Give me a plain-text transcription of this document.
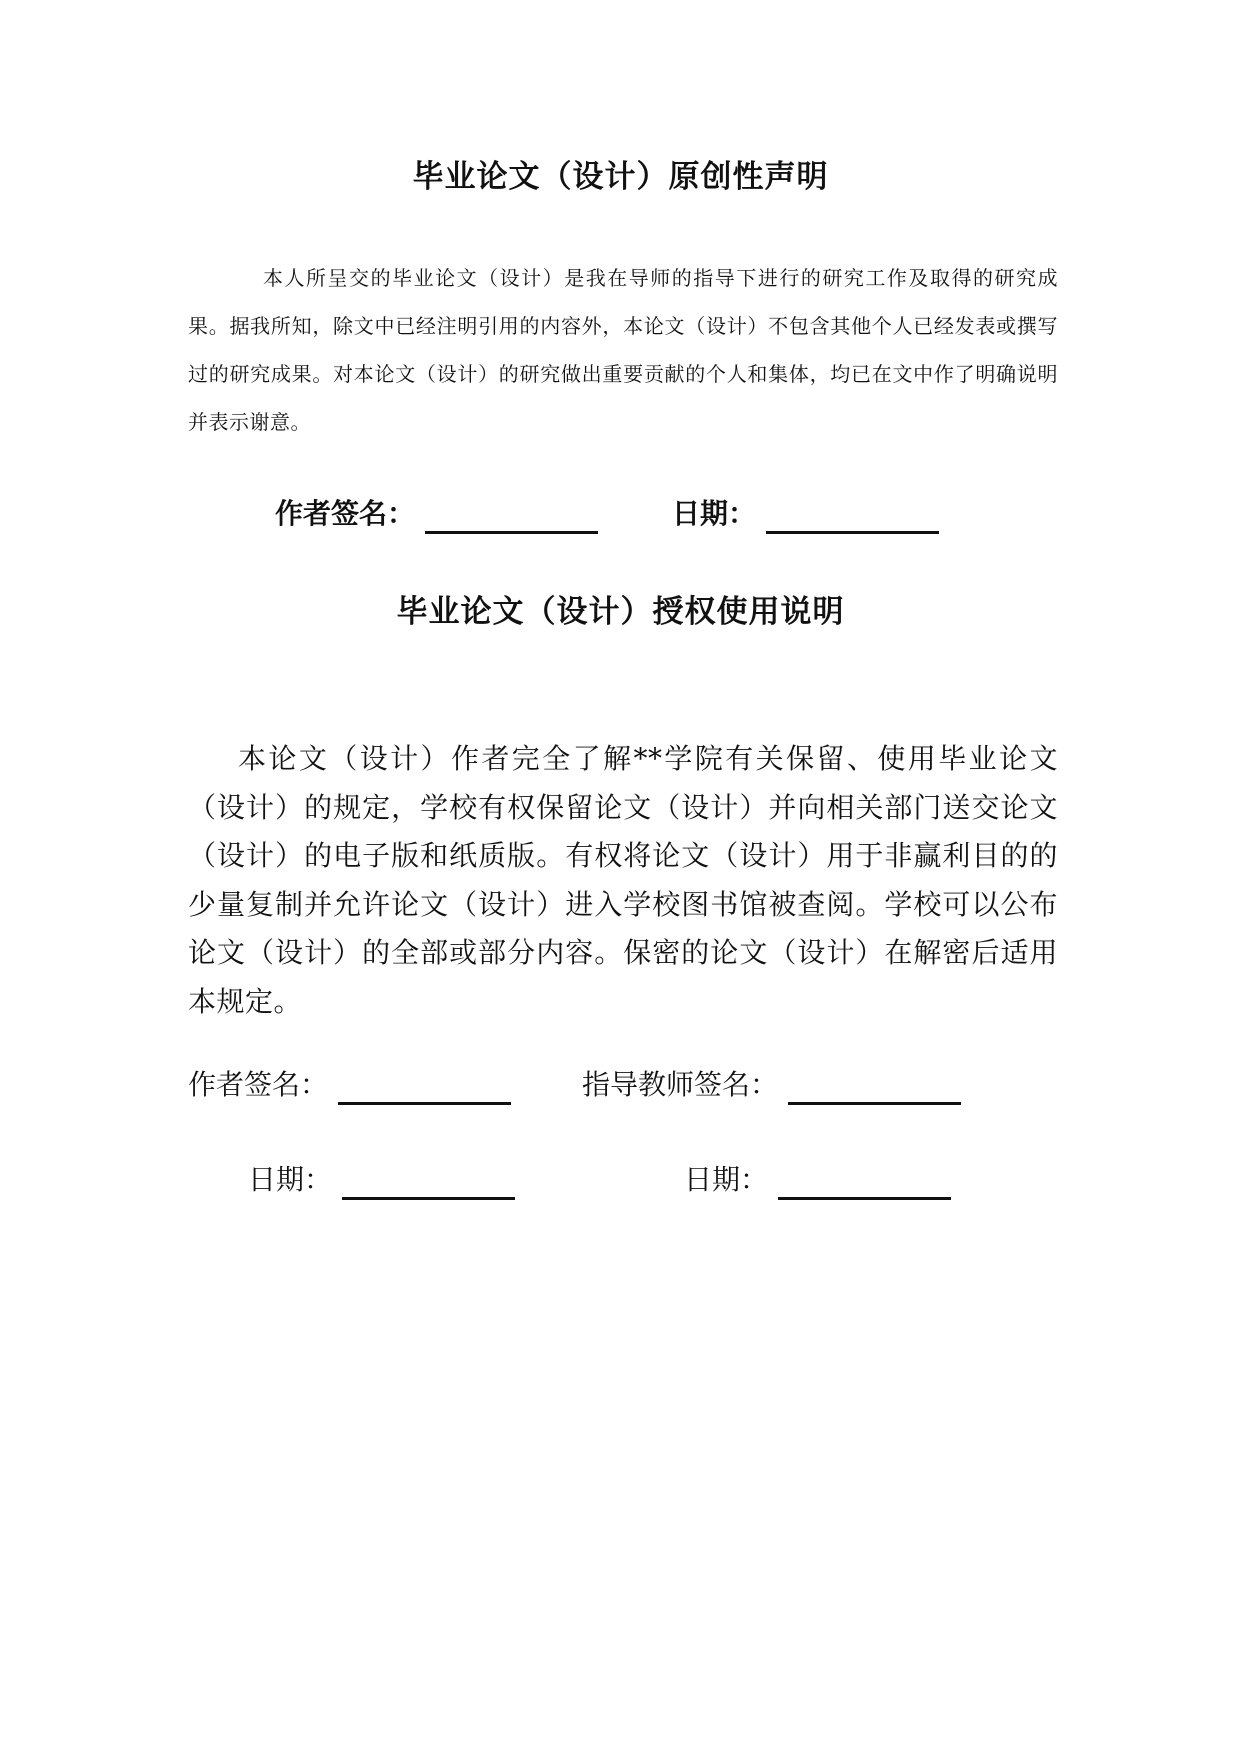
毕业论文（设计）原创性声明
本人所呈交的毕业论文（设计）是我在导师的指导下进行的研究工作及取得的研究成果。据我所知，除文中已经注明引用的内容外，本论文（设计）不包含其他个人已经发表或撰写过的研究成果。对本论文（设计）的研究做出重要贡献的个人和集体，均已在文中作了明确说明并表示谢意。
作者签名：	日期：
毕业论文（设计）授权使用说明
本论文（设计）作者完全了解**学院有关保留、使用毕业论文（设计）的规定，学校有权保留论文（设计）并向相关部门送交论文（设计）的电子版和纸质版。有权将论文（设计）用于非赢利目的的少量复制并允许论文（设计）进入学校图书馆被查阅。学校可以公布论文（设计）的全部或部分内容。保密的论文（设计）在解密后适用本规定。
作者签名：	指导教师签名：
日期：	日期：
